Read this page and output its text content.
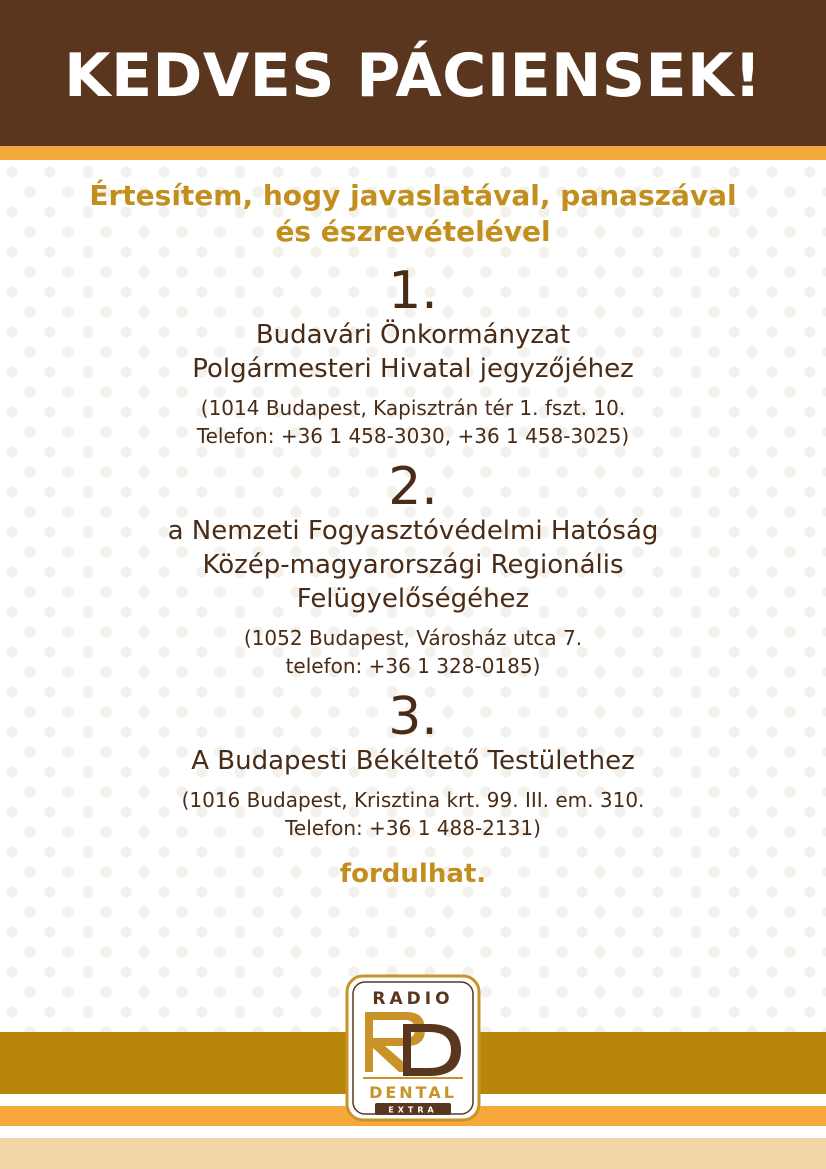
KEDVES PÁCIENSEK!

Értesítem, hogy javaslatával, panaszával

és észrevételével

1.

Budavári Önkormányzat

Polgármesteri Hivatal jegyzőjéhez

(1014 Budapest, Kapisztrán tér 1. fszt. 10.

Telefon: +36 1 458-3030, +36 1 458-3025)

2.

a Nemzeti Fogyasztóvédelmi Hatóság

Közép-magyarországi Regionális

Felügyelőségéhez

(1052 Budapest, Városház utca 7.

telefon: +36 1 328-0185)

3.

A Budapesti Békéltető Testülethez

(1016 Budapest, Krisztina krt. 99. III. em. 310.

Telefon: +36 1 488-2131)

fordulhat.

RADIO
DENTAL
EXTRA
